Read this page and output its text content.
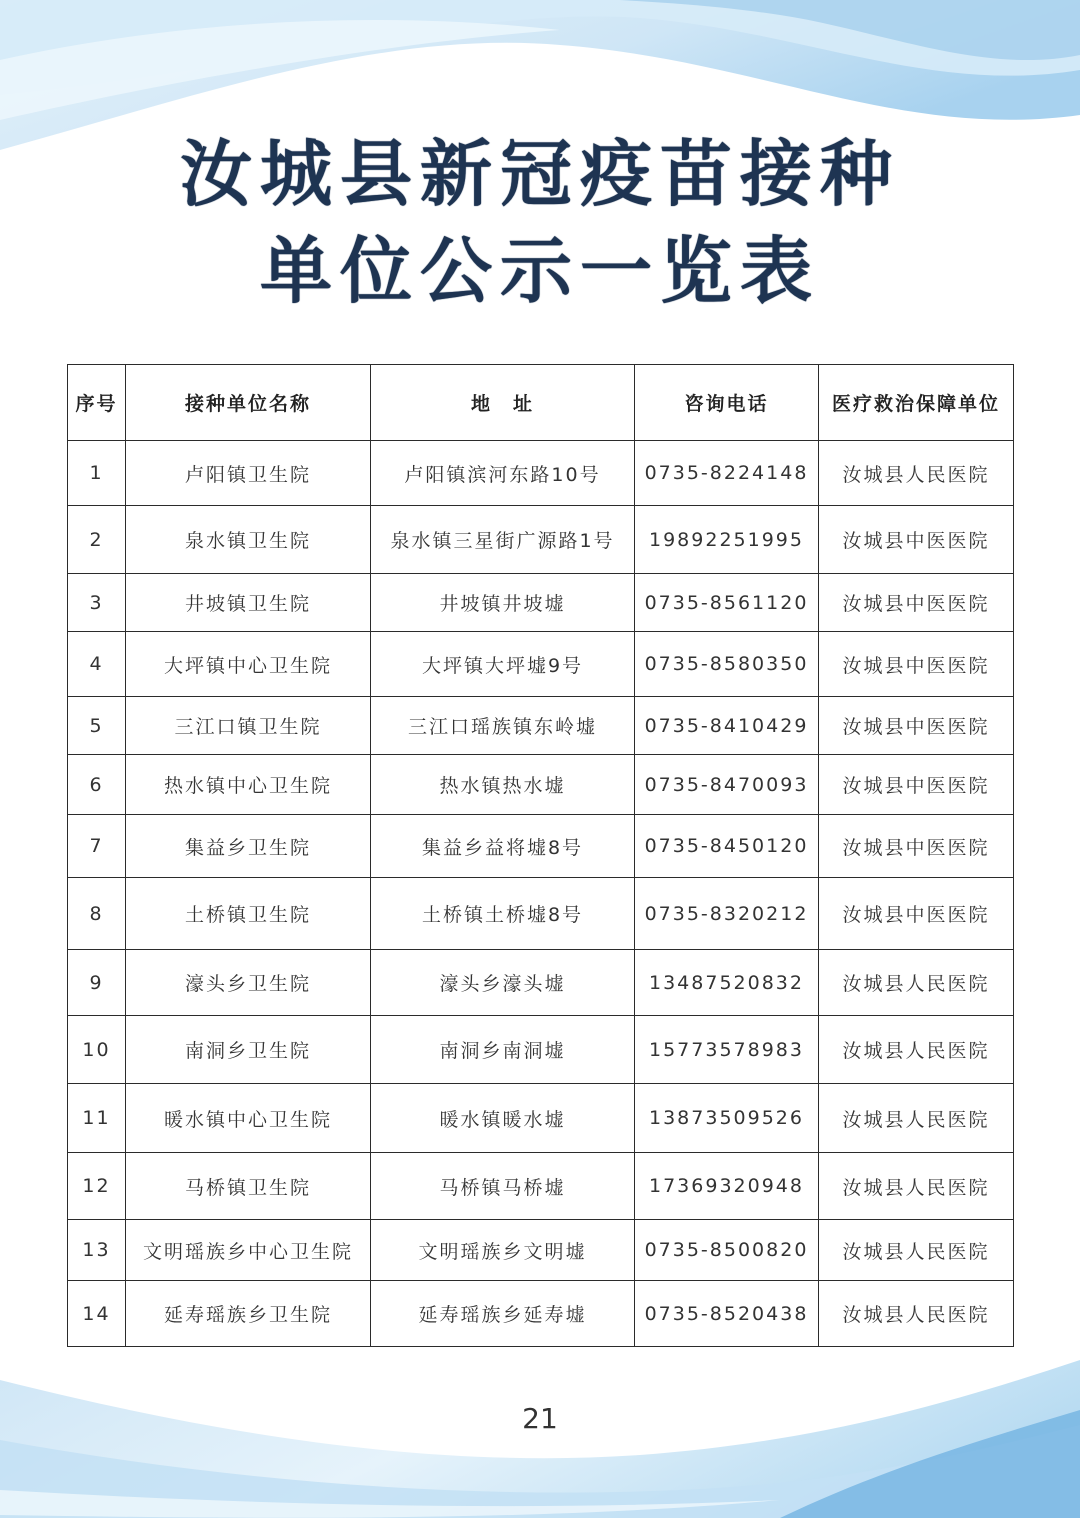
汝城县新冠疫苗接种
单位公示一览表
序号	接种单位名称	地　址	咨询电话	医疗救治保障单位
1	卢阳镇卫生院	卢阳镇滨河东路10号	0735-8224148	汝城县人民医院
2	泉水镇卫生院	泉水镇三星街广源路1号	19892251995	汝城县中医医院
3	井坡镇卫生院	井坡镇井坡墟	0735-8561120	汝城县中医医院
4	大坪镇中心卫生院	大坪镇大坪墟9号	0735-8580350	汝城县中医医院
5	三江口镇卫生院	三江口瑶族镇东岭墟	0735-8410429	汝城县中医医院
6	热水镇中心卫生院	热水镇热水墟	0735-8470093	汝城县中医医院
7	集益乡卫生院	集益乡益将墟8号	0735-8450120	汝城县中医医院
8	土桥镇卫生院	土桥镇土桥墟8号	0735-8320212	汝城县中医医院
9	濠头乡卫生院	濠头乡濠头墟	13487520832	汝城县人民医院
10	南洞乡卫生院	南洞乡南洞墟	15773578983	汝城县人民医院
11	暖水镇中心卫生院	暖水镇暖水墟	13873509526	汝城县人民医院
12	马桥镇卫生院	马桥镇马桥墟	17369320948	汝城县人民医院
13	文明瑶族乡中心卫生院	文明瑶族乡文明墟	0735-8500820	汝城县人民医院
14	延寿瑶族乡卫生院	延寿瑶族乡延寿墟	0735-8520438	汝城县人民医院
21
